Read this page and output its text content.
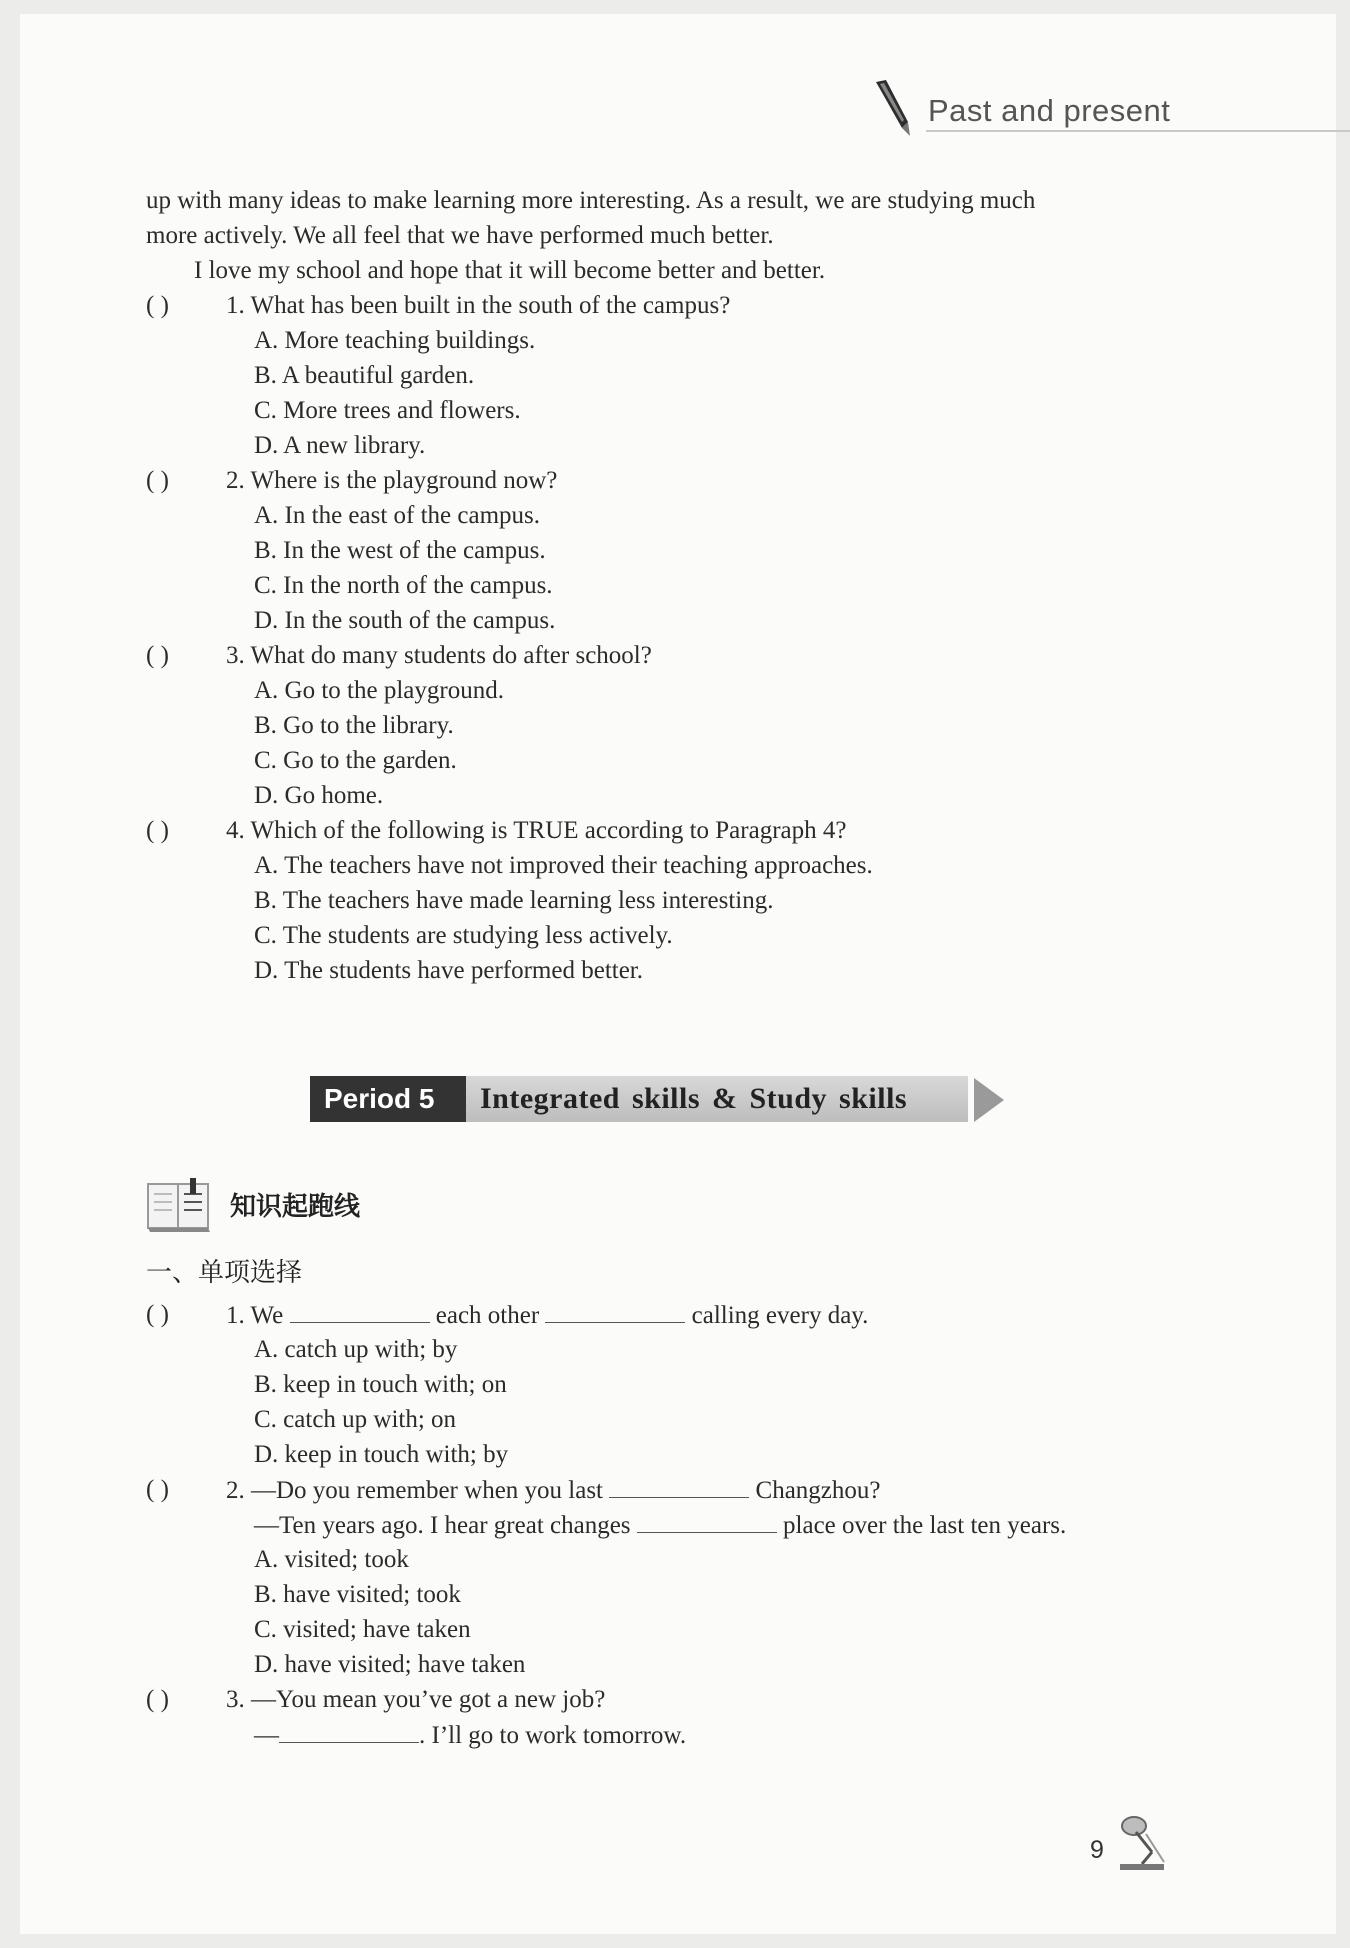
Past and present
up with many ideas to make learning more interesting. As a result, we are studying much
more actively. We all feel that we have performed much better.
I love my school and hope that it will become better and better.
( ) 1. What has been built in the south of the campus?
A. More teaching buildings.
B. A beautiful garden.
C. More trees and flowers.
D. A new library.
( ) 2. Where is the playground now?
A. In the east of the campus.
B. In the west of the campus.
C. In the north of the campus.
D. In the south of the campus.
( ) 3. What do many students do after school?
A. Go to the playground.
B. Go to the library.
C. Go to the garden.
D. Go home.
( ) 4. Which of the following is TRUE according to Paragraph 4?
A. The teachers have not improved their teaching approaches.
B. The teachers have made learning less interesting.
C. The students are studying less actively.
D. The students have performed better.
Period 5	Integrated skills & Study skills
知识起跑线
一、单项选择
( ) 1. We	each other	calling every day.
A. catch up with; by
B. keep in touch with; on
C. catch up with; on
D. keep in touch with; by
( ) 2. —Do you remember when you last	Changzhou?
—Ten years ago. I hear great changes	place over the last ten years.
A. visited; took
B. have visited; took
C. visited; have taken
D. have visited; have taken
( ) 3. —You mean you’ve got a new job?
—	. I’ll go to work tomorrow.
9
